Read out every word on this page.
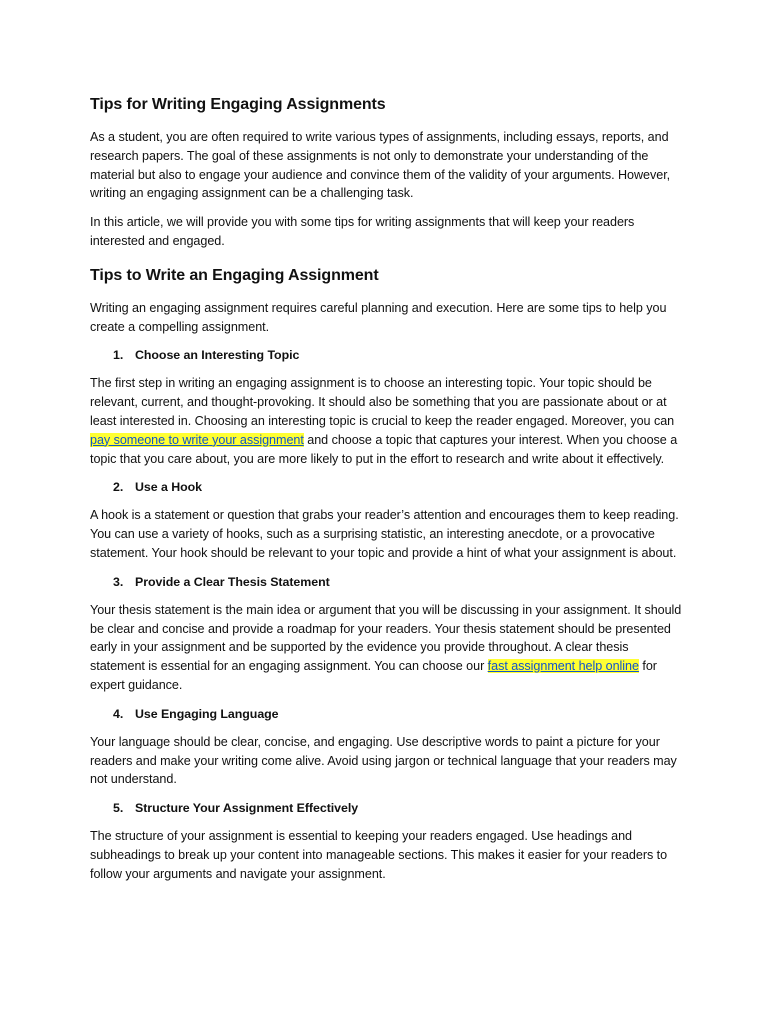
Tips for Writing Engaging Assignments

As a student, you are often required to write various types of assignments, including essays, reports, and research papers. The goal of these assignments is not only to demonstrate your understanding of the material but also to engage your audience and convince them of the validity of your arguments. However, writing an engaging assignment can be a challenging task.

In this article, we will provide you with some tips for writing assignments that will keep your readers interested and engaged.

Tips to Write an Engaging Assignment

Writing an engaging assignment requires careful planning and execution. Here are some tips to help you create a compelling assignment.

1. Choose an Interesting Topic

The first step in writing an engaging assignment is to choose an interesting topic. Your topic should be relevant, current, and thought-provoking. It should also be something that you are passionate about or at least interested in. Choosing an interesting topic is crucial to keep the reader engaged. Moreover, you can pay someone to write your assignment and choose a topic that captures your interest. When you choose a topic that you care about, you are more likely to put in the effort to research and write about it effectively.

2. Use a Hook

A hook is a statement or question that grabs your reader’s attention and encourages them to keep reading. You can use a variety of hooks, such as a surprising statistic, an interesting anecdote, or a provocative statement. Your hook should be relevant to your topic and provide a hint of what your assignment is about.

3. Provide a Clear Thesis Statement

Your thesis statement is the main idea or argument that you will be discussing in your assignment. It should be clear and concise and provide a roadmap for your readers. Your thesis statement should be presented early in your assignment and be supported by the evidence you provide throughout. A clear thesis statement is essential for an engaging assignment. You can choose our fast assignment help online for expert guidance.

4. Use Engaging Language

Your language should be clear, concise, and engaging. Use descriptive words to paint a picture for your readers and make your writing come alive. Avoid using jargon or technical language that your readers may not understand.

5. Structure Your Assignment Effectively

The structure of your assignment is essential to keeping your readers engaged. Use headings and subheadings to break up your content into manageable sections. This makes it easier for your readers to follow your arguments and navigate your assignment.
